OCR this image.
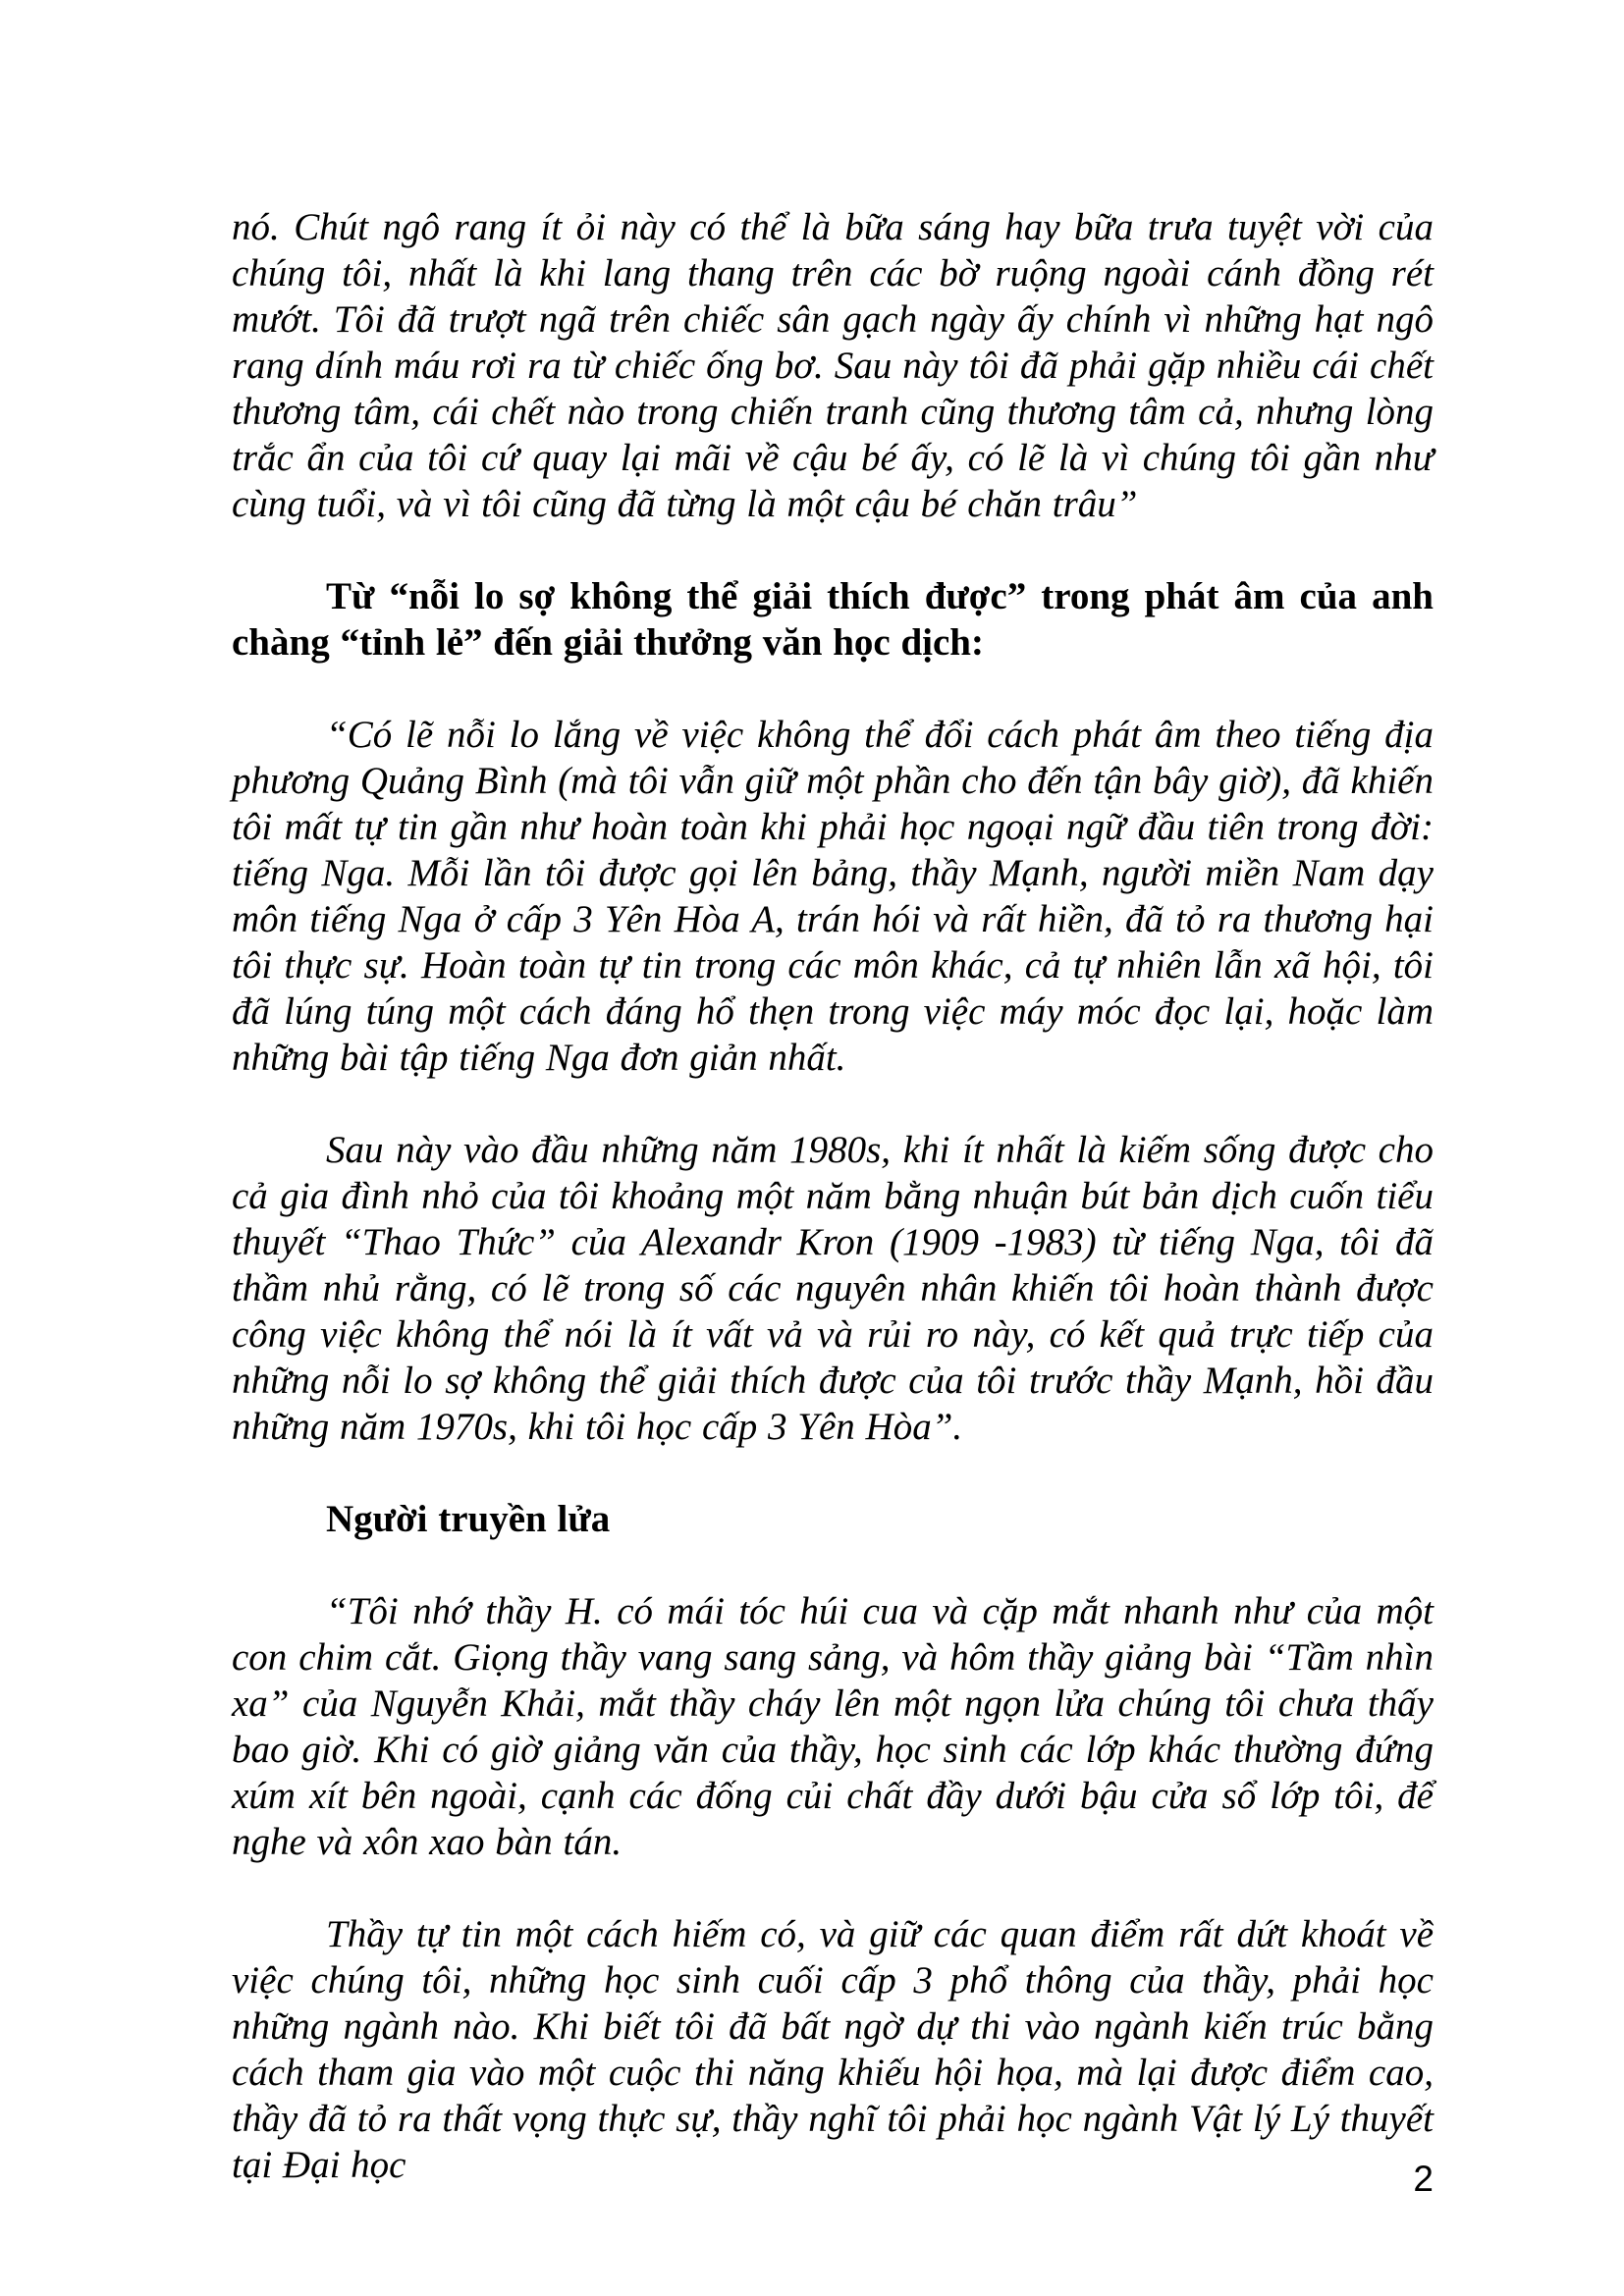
nó. Chút ngô rang ít ỏi này có thể là bữa sáng hay bữa trưa tuyệt vời của chúng tôi, nhất là khi lang thang trên các bờ ruộng ngoài cánh đồng rét mướt. Tôi đã trượt ngã trên chiếc sân gạch ngày ấy chính vì những hạt ngô rang dính máu rơi ra từ chiếc ống bơ. Sau này tôi đã phải gặp nhiều cái chết thương tâm, cái chết nào trong chiến tranh cũng thương tâm cả, nhưng lòng trắc ẩn của tôi cứ quay lại mãi về cậu bé ấy, có lẽ là vì chúng tôi gần như cùng tuổi, và vì tôi cũng đã từng là một cậu bé chăn trâu”

Từ “nỗi lo sợ không thể giải thích được” trong phát âm của anh chàng “tỉnh lẻ” đến giải thưởng văn học dịch:

“Có lẽ nỗi lo lắng về việc không thể đổi cách phát âm theo tiếng địa phương Quảng Bình (mà tôi vẫn giữ một phần cho đến tận bây giờ), đã khiến tôi mất tự tin gần như hoàn toàn khi phải học ngoại ngữ đầu tiên trong đời: tiếng Nga. Mỗi lần tôi được gọi lên bảng, thầy Mạnh, người miền Nam dạy môn tiếng Nga ở cấp 3 Yên Hòa A, trán hói và rất hiền, đã tỏ ra thương hại tôi thực sự. Hoàn toàn tự tin trong các môn khác, cả tự nhiên lẫn xã hội, tôi đã lúng túng một cách đáng hổ thẹn trong việc máy móc đọc lại, hoặc làm những bài tập tiếng Nga đơn giản nhất.

Sau này vào đầu những năm 1980s, khi ít nhất là kiếm sống được cho cả gia đình nhỏ của tôi khoảng một năm bằng nhuận bút bản dịch cuốn tiểu thuyết “Thao Thức” của Alexandr Kron (1909 -1983) từ tiếng Nga, tôi đã thầm nhủ rằng, có lẽ trong số các nguyên nhân khiến tôi hoàn thành được công việc không thể nói là ít vất vả và rủi ro này, có kết quả trực tiếp của những nỗi lo sợ không thể giải thích được của tôi trước thầy Mạnh, hồi đầu những năm 1970s, khi tôi học cấp 3 Yên Hòa”.

Người truyền lửa

“Tôi nhớ thầy H. có mái tóc húi cua và cặp mắt nhanh như của một con chim cắt. Giọng thầy vang sang sảng, và hôm thầy giảng bài “Tầm nhìn xa” của Nguyễn Khải, mắt thầy cháy lên một ngọn lửa chúng tôi chưa thấy bao giờ. Khi có giờ giảng văn của thầy, học sinh các lớp khác thường đứng xúm xít bên ngoài, cạnh các đống củi chất đầy dưới bậu cửa sổ lớp tôi, để nghe và xôn xao bàn tán.

Thầy tự tin một cách hiếm có, và giữ các quan điểm rất dứt khoát về việc chúng tôi, những học sinh cuối cấp 3 phổ thông của thầy, phải học những ngành nào. Khi biết tôi đã bất ngờ dự thi vào ngành kiến trúc bằng cách tham gia vào một cuộc thi năng khiếu hội họa, mà lại được điểm cao, thầy đã tỏ ra thất vọng thực sự, thầy nghĩ tôi phải học ngành Vật lý Lý thuyết tại Đại học	2
